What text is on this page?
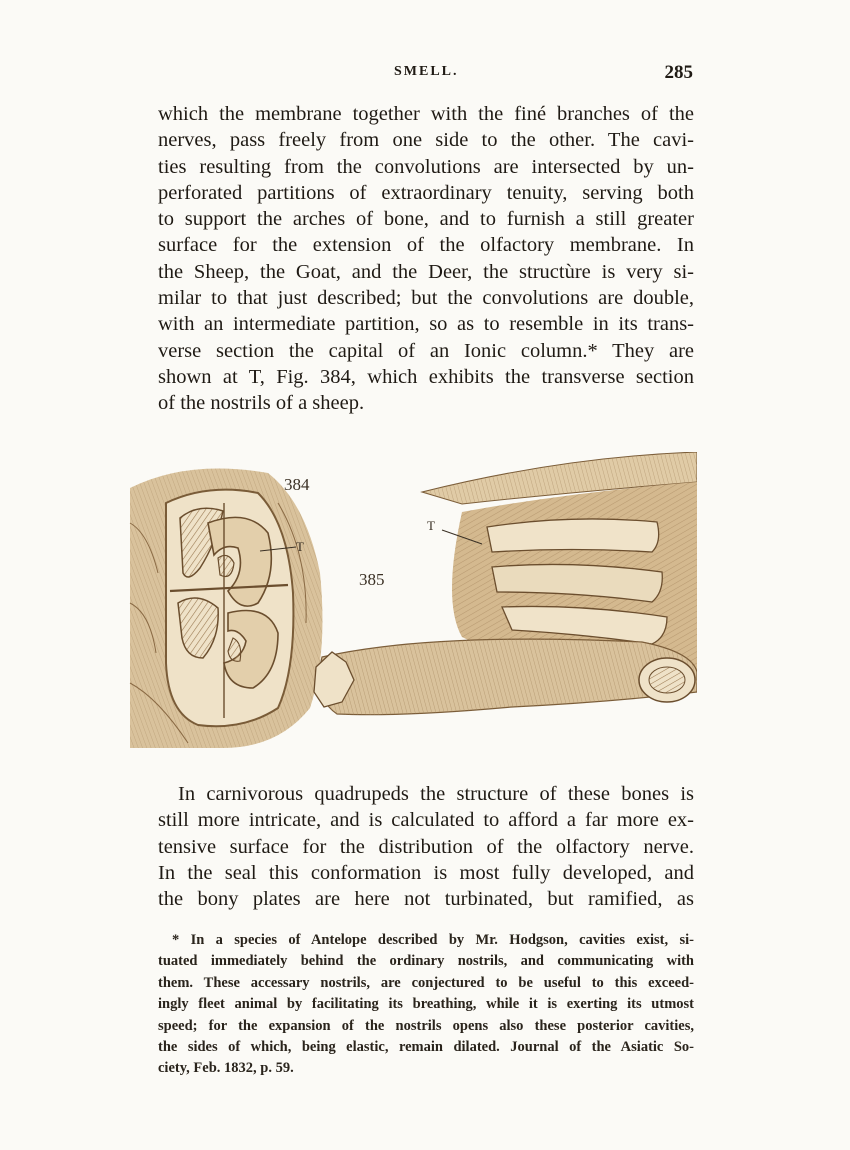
SMELL.	285
which the membrane together with the finé branches of the
nerves, pass freely from one side to the other. The cavi-
ties resulting from the convolutions are intersected by un-
perforated partitions of extraordinary tenuity, serving both
to support the arches of bone, and to furnish a still greater
surface for the extension of the olfactory membrane. In
the Sheep, the Goat, and the Deer, the structùre is very si-
milar to that just described; but the convolutions are double,
with an intermediate partition, so as to resemble in its trans-
verse section the capital of an Ionic column.* They are
shown at T, Fig. 384, which exhibits the transverse section
of the nostrils of a sheep.
384
T
385
T
In carnivorous quadrupeds the structure of these bones is
still more intricate, and is calculated to afford a far more ex-
tensive surface for the distribution of the olfactory nerve.
In the seal this conformation is most fully developed, and
the bony plates are here not turbinated, but ramified, as
* In a species of Antelope described by Mr. Hodgson, cavities exist, si-
tuated immediately behind the ordinary nostrils, and communicating with
them. These accessary nostrils, are conjectured to be useful to this exceed-
ingly fleet animal by facilitating its breathing, while it is exerting its utmost
speed; for the expansion of the nostrils opens also these posterior cavities,
the sides of which, being elastic, remain dilated. Journal of the Asiatic So-
ciety, Feb. 1832, p. 59.
